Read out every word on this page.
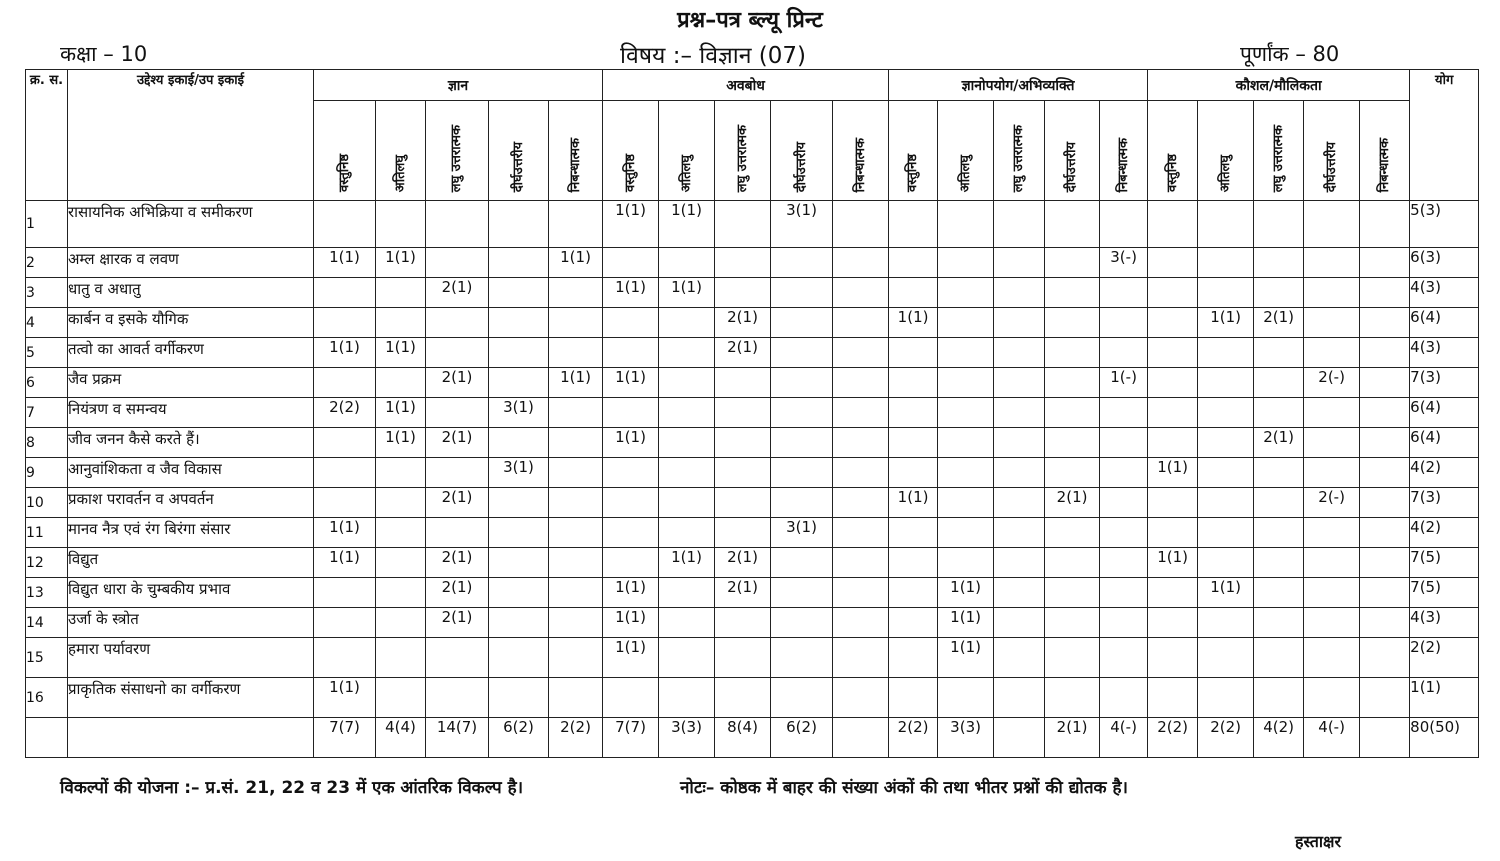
प्रश्न–पत्र ब्ल्यू प्रिन्ट
कक्षा – 10	विषय :– विज्ञान (07)	पूर्णांक – 80
क्र. स.	उद्देश्य इकाई/उप इकाई	ज्ञान					अवबोध					ज्ञानोपयोग/अभिव्यक्ति					कौशल/मौलिकता					योग
		वस्तुनिष्ठ	अतिलघु	लघु उत्तरात्मक	दीर्घउत्तरीय	निबन्धात्मक	वस्तुनिष्ठ	अतिलघु	लघु उत्तरात्मक	दीर्घउत्तरीय	निबन्धात्मक	वस्तुनिष्ठ	अतिलघु	लघु उत्तरात्मक	दीर्घउत्तरीय	निबन्धात्मक	वस्तुनिष्ठ	अतिलघु	लघु उत्तरात्मक	दीर्घउत्तरीय	निबन्धात्मक	
1	रासायनिक अभिक्रिया व समीकरण						1(1)	1(1)		3(1)												5(3)
2	अम्ल क्षारक व लवण	1(1)	1(1)			1(1)										3(-)						6(3)
3	धातु व अधातु			2(1)			1(1)	1(1)														4(3)
4	कार्बन व इसके यौगिक								2(1)			1(1)						1(1)	2(1)			6(4)
5	तत्वो का आवर्त वर्गीकरण	1(1)	1(1)						2(1)													4(3)
6	जैव प्रक्रम			2(1)		1(1)	1(1)									1(-)				2(-)		7(3)
7	नियंत्रण व समन्वय	2(2)	1(1)		3(1)																	6(4)
8	जीव जनन कैसे करते हैं।		1(1)	2(1)			1(1)												2(1)			6(4)
9	आनुवांशिकता व जैव विकास				3(1)												1(1)					4(2)
10	प्रकाश परावर्तन व अपवर्तन			2(1)								1(1)			2(1)					2(-)		7(3)
11	मानव नैत्र एवं रंग बिरंगा संसार	1(1)								3(1)												4(2)
12	विद्युत	1(1)		2(1)				1(1)	2(1)								1(1)					7(5)
13	विद्युत धारा के चुम्बकीय प्रभाव			2(1)			1(1)		2(1)				1(1)					1(1)				7(5)
14	उर्जा के स्त्रोत			2(1)			1(1)						1(1)									4(3)
15	हमारा पर्यावरण						1(1)						1(1)									2(2)
16	प्राकृतिक संसाधनो का वर्गीकरण	1(1)																				1(1)
		7(7)	4(4)	14(7)	6(2)	2(2)	7(7)	3(3)	8(4)	6(2)		2(2)	3(3)		2(1)	4(-)	2(2)	2(2)	4(2)	4(-)		80(50)
विकल्पों की योजना :– प्र.सं. 21, 22 व 23 में एक आंतरिक विकल्प है।	नोटः– कोष्ठक में बाहर की संख्या अंकों की तथा भीतर प्रश्नों की द्योतक है।
हस्ताक्षर
